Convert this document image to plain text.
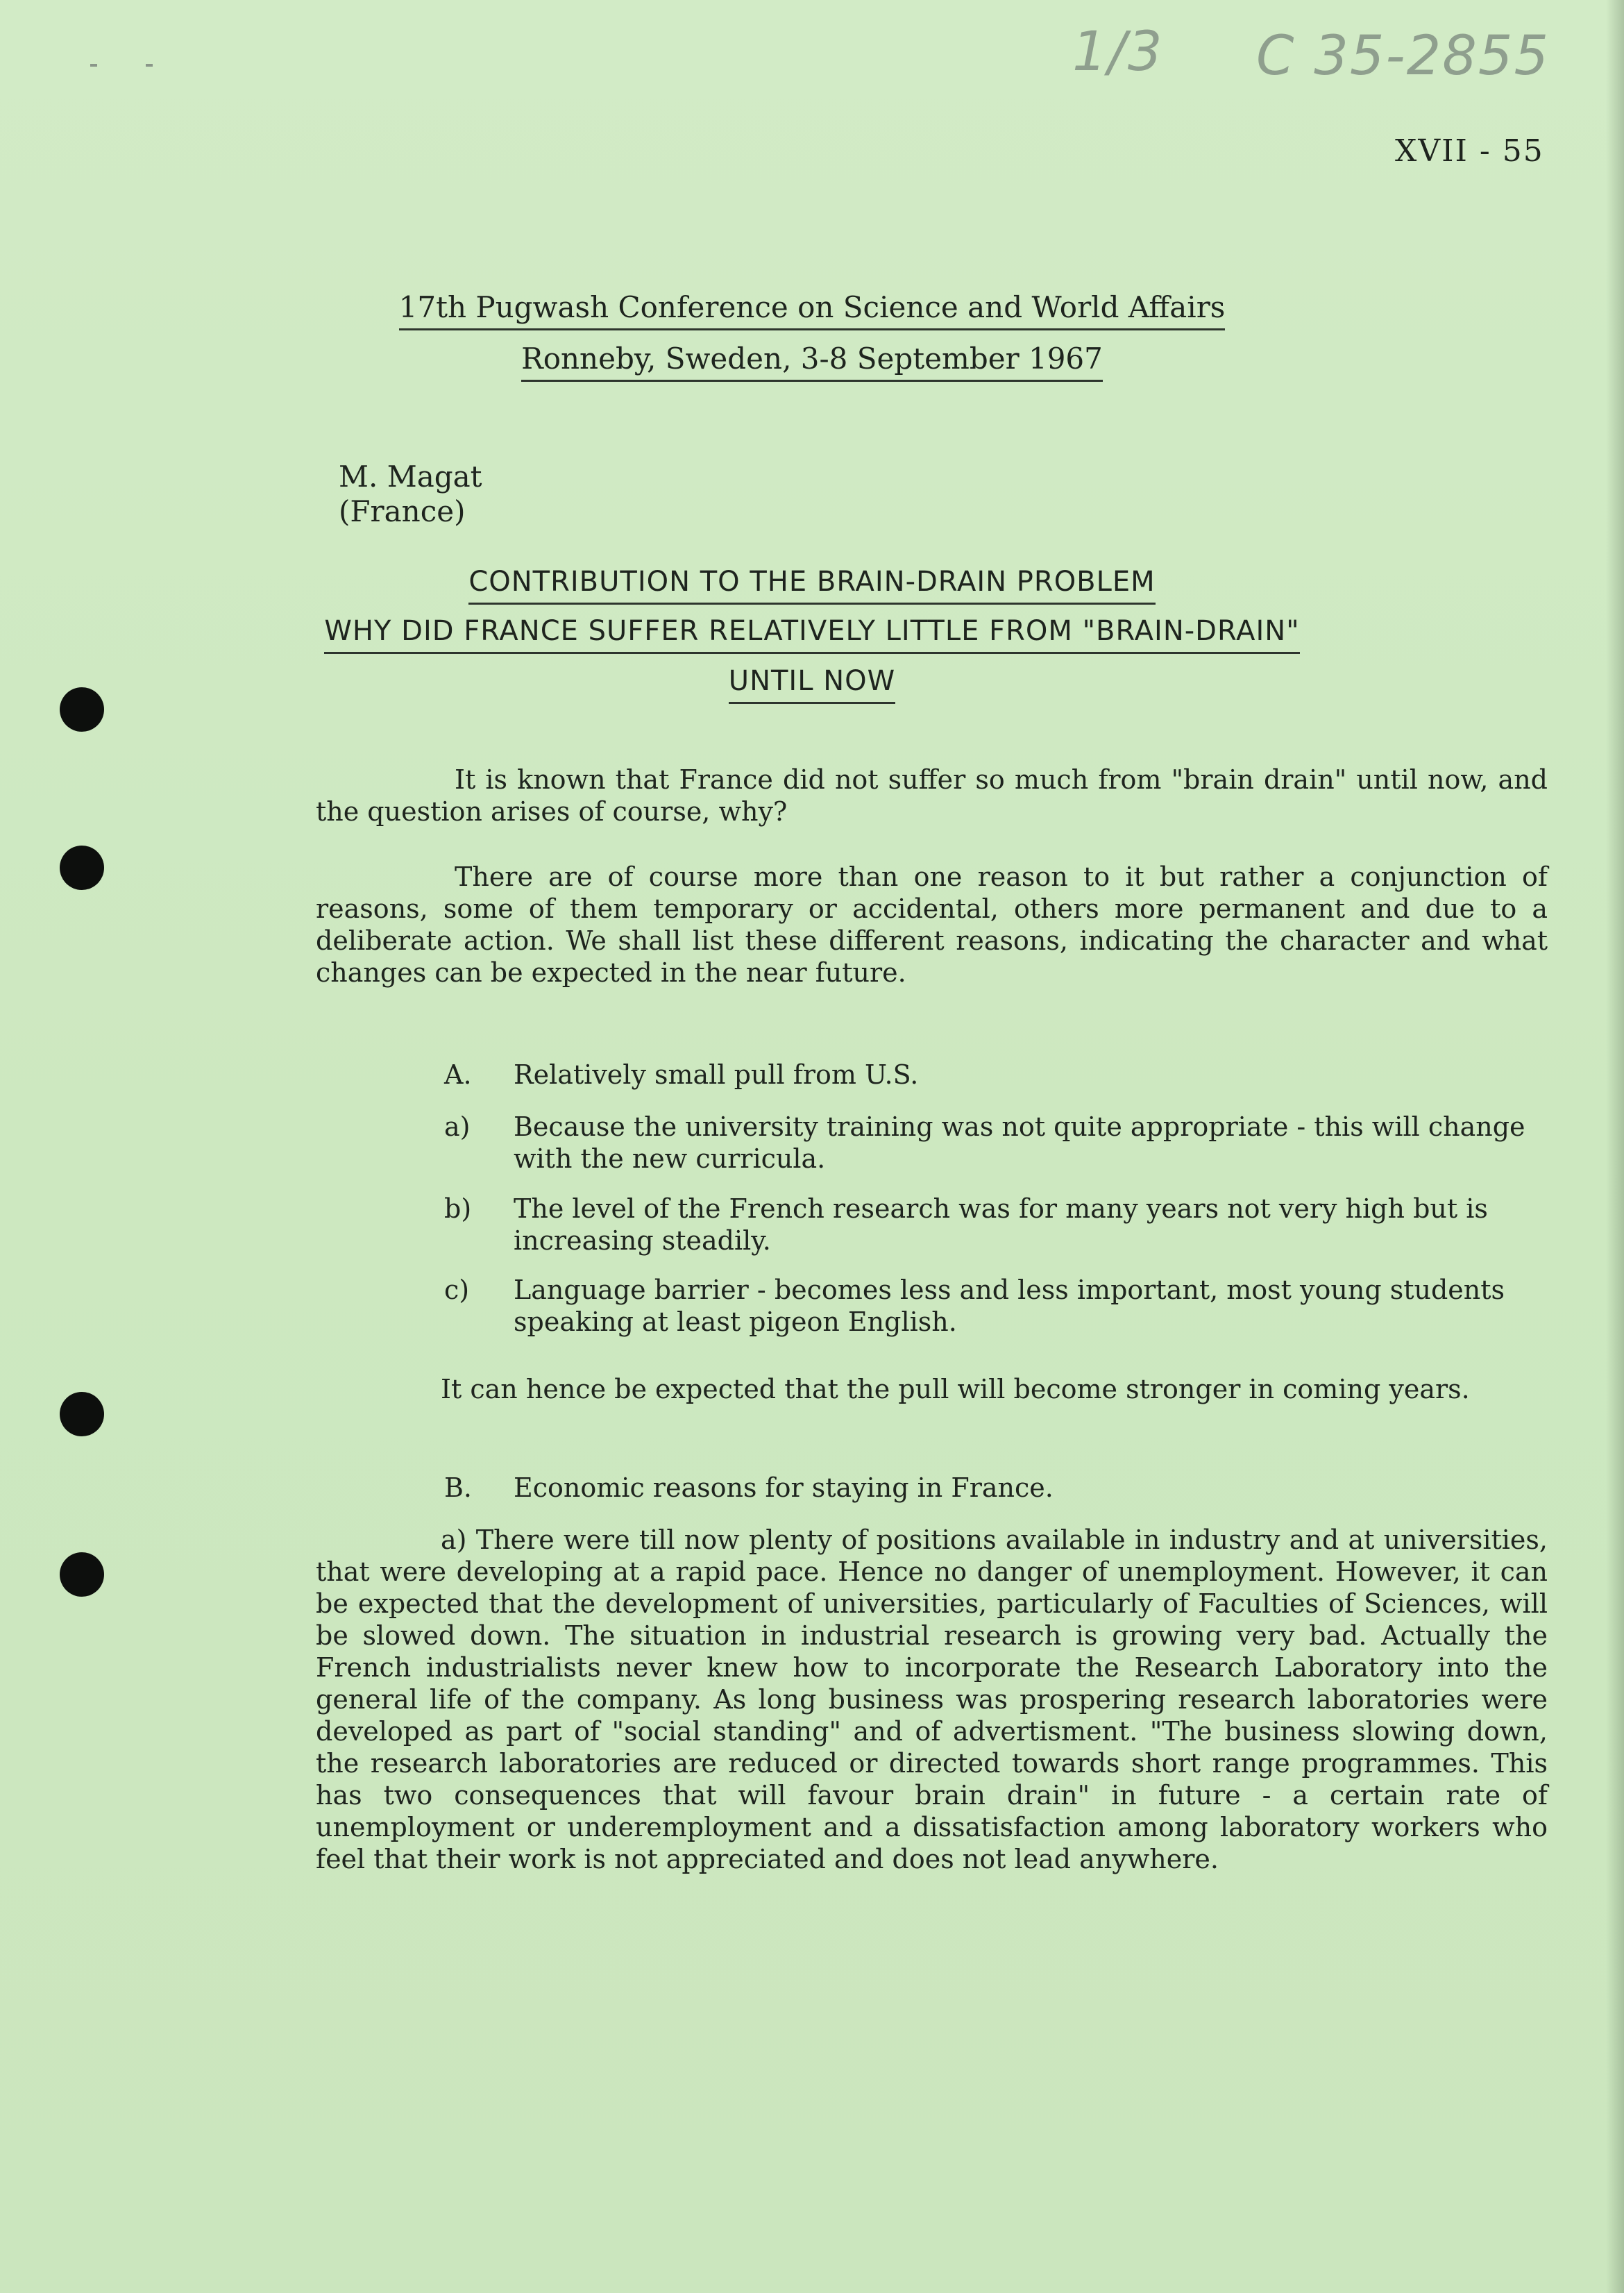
1/3 C 35-2855
XVII - 55
17th Pugwash Conference on Science and World Affairs
Ronneby, Sweden, 3-8 September 1967
M. Magat
(France)
CONTRIBUTION TO THE BRAIN-DRAIN PROBLEM
WHY DID FRANCE SUFFER RELATIVELY LITTLE FROM "BRAIN-DRAIN"
UNTIL NOW

It is known that France did not suffer so much from "brain drain" until now, and the question arises of course, why?

There are of course more than one reason to it but rather a conjunction of reasons, some of them temporary or accidental, others more permanent and due to a deliberate action. We shall list these different reasons, indicating the character and what changes can be expected in the near future.

A.	Relatively small pull from U.S.
a)	Because the university training was not quite appropriate - this will change with the new curricula.
b)	The level of the French research was for many years not very high but is increasing steadily.
c)	Language barrier - becomes less and less important, most young students speaking at least pigeon English.

It can hence be expected that the pull will become stronger in coming years.

B.	Economic reasons for staying in France.

a) There were till now plenty of positions available in industry and at universities, that were developing at a rapid pace. Hence no danger of unemployment. However, it can be expected that the development of universities, particularly of Faculties of Sciences, will be slowed down. The situation in industrial research is growing very bad. Actually the French industrialists never knew how to incorporate the Research Laboratory into the general life of the company. As long business was prospering research laboratories were developed as part of "social standing" and of advertisment. "The business slowing down, the research laboratories are reduced or directed towards short range programmes. This has two consequences that will favour brain drain" in future - a certain rate of unemployment or underemployment and a dissatisfaction among laboratory workers who feel that their work is not appreciated and does not lead anywhere.
